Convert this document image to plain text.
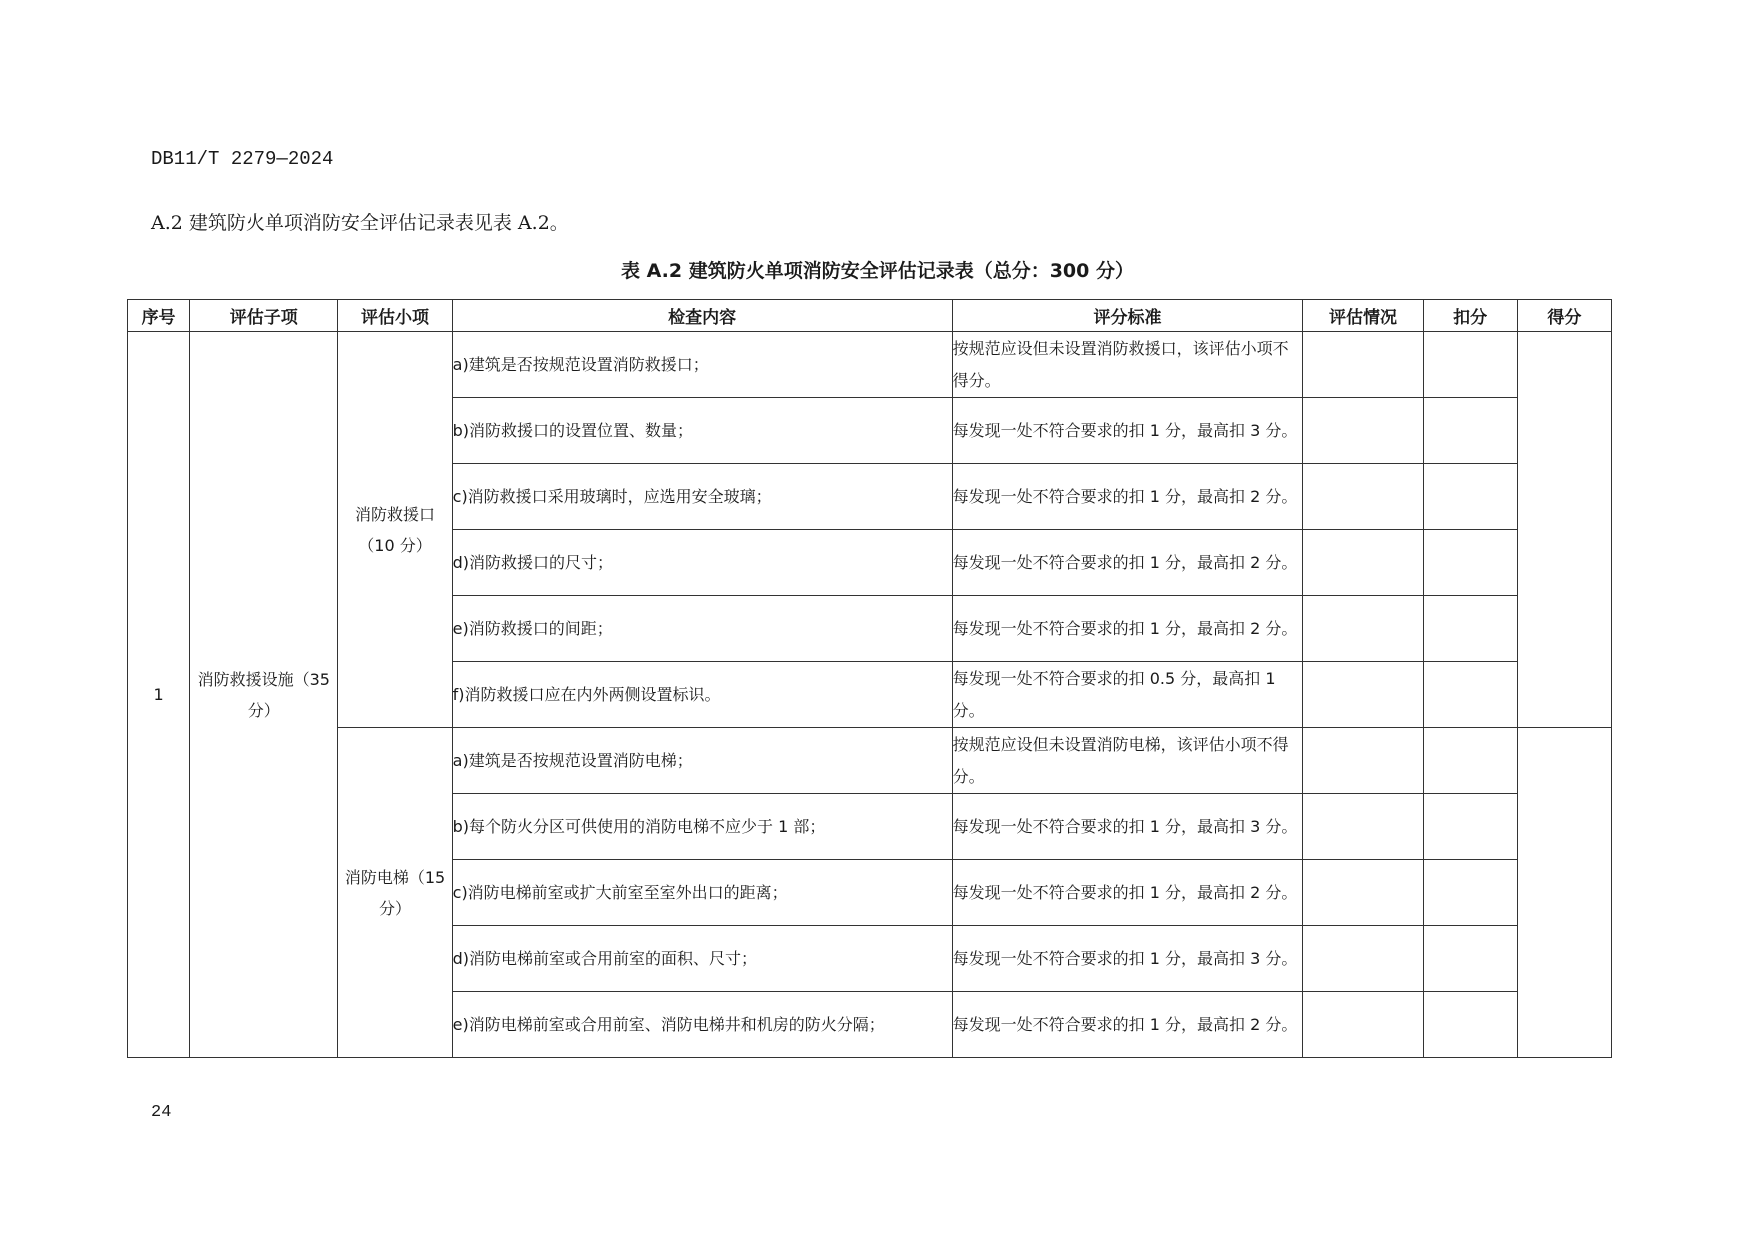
DB11/T 2279—2024
A.2 建筑防火单项消防安全评估记录表见表 A.2。
表 A.2 建筑防火单项消防安全评估记录表（总分：300 分）
序号	评估子项	评估小项	检查内容	评分标准	评估情况	扣分	得分
1	消防救援设施（35 分）	消防救援口（10 分）	a)建筑是否按规范设置消防救援口；	按规范应设但未设置消防救援口，该评估小项不得分。			
			b)消防救援口的设置位置、数量；	每发现一处不符合要求的扣 1 分，最高扣 3 分。			
			c)消防救援口采用玻璃时，应选用安全玻璃；	每发现一处不符合要求的扣 1 分，最高扣 2 分。			
			d)消防救援口的尺寸；	每发现一处不符合要求的扣 1 分，最高扣 2 分。			
			e)消防救援口的间距；	每发现一处不符合要求的扣 1 分，最高扣 2 分。			
			f)消防救援口应在内外两侧设置标识。	每发现一处不符合要求的扣 0.5 分，最高扣 1 分。			
		消防电梯（15 分）	a)建筑是否按规范设置消防电梯；	按规范应设但未设置消防电梯，该评估小项不得分。			
			b)每个防火分区可供使用的消防电梯不应少于 1 部；	每发现一处不符合要求的扣 1 分，最高扣 3 分。			
			c)消防电梯前室或扩大前室至室外出口的距离；	每发现一处不符合要求的扣 1 分，最高扣 2 分。			
			d)消防电梯前室或合用前室的面积、尺寸；	每发现一处不符合要求的扣 1 分，最高扣 3 分。			
			e)消防电梯前室或合用前室、消防电梯井和机房的防火分隔；	每发现一处不符合要求的扣 1 分，最高扣 2 分。			
24
